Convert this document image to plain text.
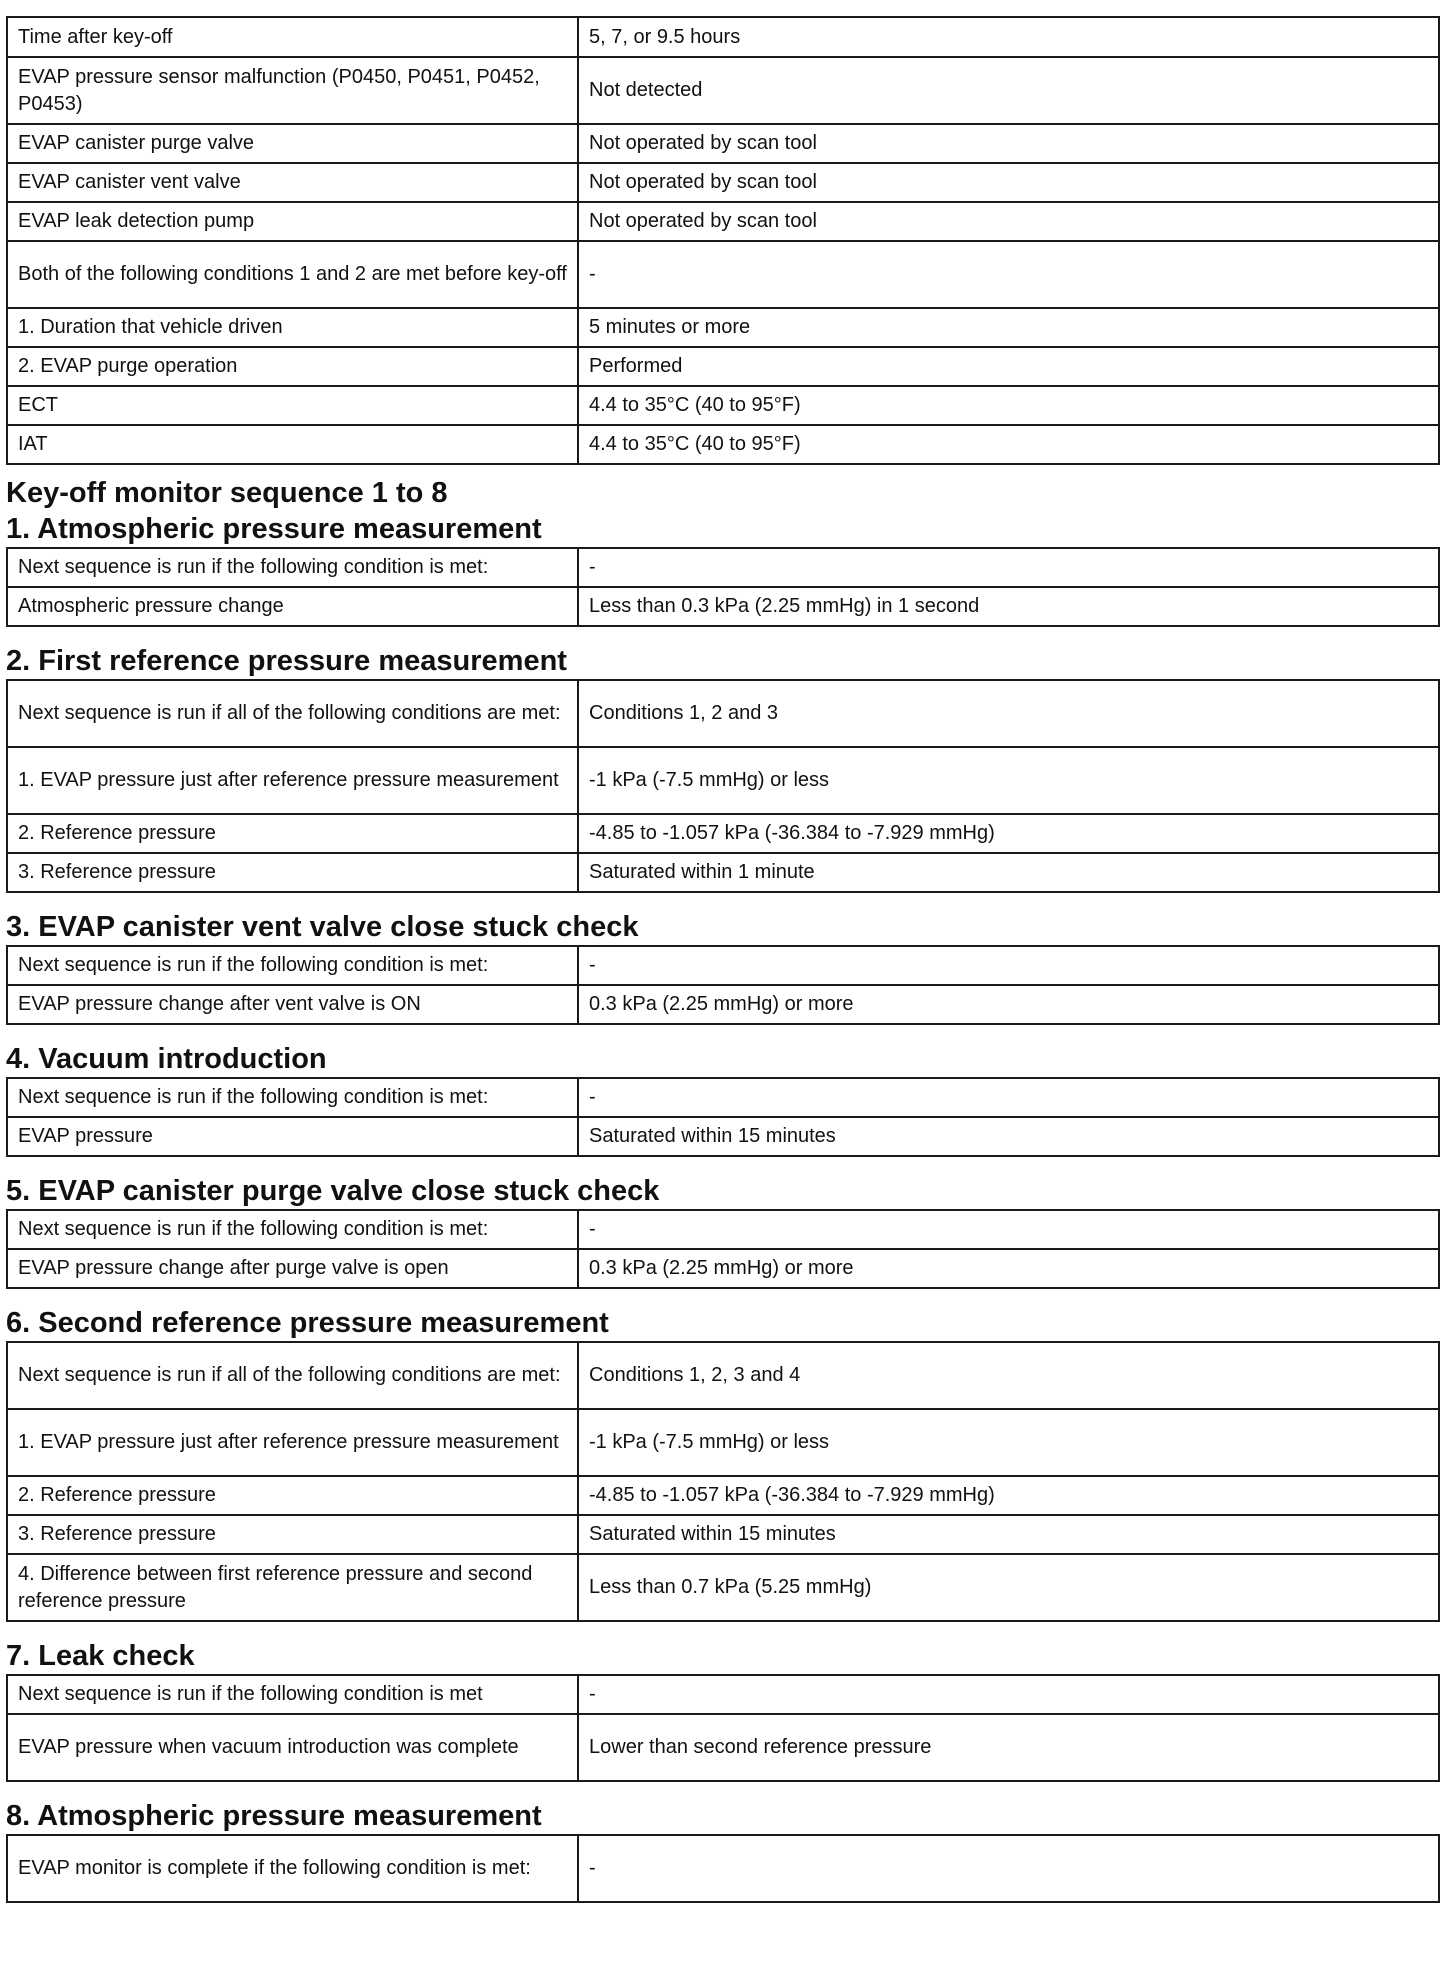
Time after key-off	5, 7, or 9.5 hours
EVAP pressure sensor malfunction (P0450, P0451, P0452, P0453)	Not detected
EVAP canister purge valve	Not operated by scan tool
EVAP canister vent valve	Not operated by scan tool
EVAP leak detection pump	Not operated by scan tool
Both of the following conditions 1 and 2 are met before key-off	-
1. Duration that vehicle driven	5 minutes or more
2. EVAP purge operation	Performed
ECT	4.4 to 35°C (40 to 95°F)
IAT	4.4 to 35°C (40 to 95°F)
Key-off monitor sequence 1 to 8
1. Atmospheric pressure measurement
Next sequence is run if the following condition is met:	-
Atmospheric pressure change	Less than 0.3 kPa (2.25 mmHg) in 1 second
2. First reference pressure measurement
Next sequence is run if all of the following conditions are met:	Conditions 1, 2 and 3
1. EVAP pressure just after reference pressure measurement	-1 kPa (-7.5 mmHg) or less
2. Reference pressure	-4.85 to -1.057 kPa (-36.384 to -7.929 mmHg)
3. Reference pressure	Saturated within 1 minute
3. EVAP canister vent valve close stuck check
Next sequence is run if the following condition is met:	-
EVAP pressure change after vent valve is ON	0.3 kPa (2.25 mmHg) or more
4. Vacuum introduction
Next sequence is run if the following condition is met:	-
EVAP pressure	Saturated within 15 minutes
5. EVAP canister purge valve close stuck check
Next sequence is run if the following condition is met:	-
EVAP pressure change after purge valve is open	0.3 kPa (2.25 mmHg) or more
6. Second reference pressure measurement
Next sequence is run if all of the following conditions are met:	Conditions 1, 2, 3 and 4
1. EVAP pressure just after reference pressure measurement	-1 kPa (-7.5 mmHg) or less
2. Reference pressure	-4.85 to -1.057 kPa (-36.384 to -7.929 mmHg)
3. Reference pressure	Saturated within 15 minutes
4. Difference between first reference pressure and second reference pressure	Less than 0.7 kPa (5.25 mmHg)
7. Leak check
Next sequence is run if the following condition is met	-
EVAP pressure when vacuum introduction was complete	Lower than second reference pressure
8. Atmospheric pressure measurement
EVAP monitor is complete if the following condition is met:	-
